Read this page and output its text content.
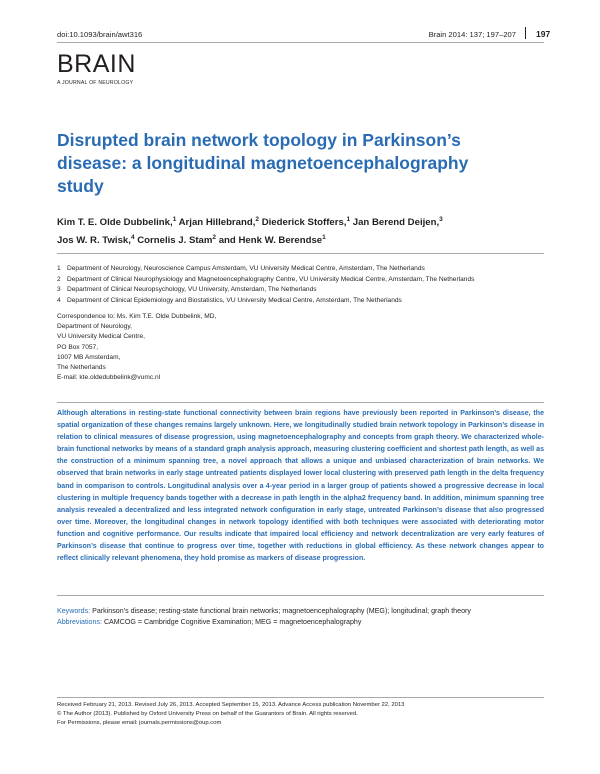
doi:10.1093/brain/awt316	Brain 2014: 137; 197–207 197
BRAIN
A JOURNAL OF NEUROLOGY
Disrupted brain network topology in Parkinson’s disease: a longitudinal magnetoencephalography study
Kim T. E. Olde Dubbelink,$^1$ Arjan Hillebrand,$^2$ Diederick Stoffers,$^1$ Jan Berend Deijen,$^3$
Jos W. R. Twisk,$^4$ Cornelis J. Stam$^2$ and Henk W. Berendse$^1$
1 Department of Neurology, Neuroscience Campus Amsterdam, VU University Medical Centre, Amsterdam, The Netherlands
2 Department of Clinical Neurophysiology and Magnetoencephalography Centre, VU University Medical Centre, Amsterdam, The Netherlands
3 Department of Clinical Neuropsychology, VU University, Amsterdam, The Netherlands
4 Department of Clinical Epidemiology and Biostatistics, VU University Medical Centre, Amsterdam, The Netherlands
Correspondence to: Ms. Kim T.E. Olde Dubbelink, MD,
Department of Neurology,
VU University Medical Centre,
PO Box 7057,
1007 MB Amsterdam,
The Netherlands
E-mail: kte.oldedubbelink@vumc.nl
Although alterations in resting-state functional connectivity between brain regions have previously been reported in Parkinson’s disease, the spatial organization of these changes remains largely unknown. Here, we longitudinally studied brain network topology in Parkinson’s disease in relation to clinical measures of disease progression, using magnetoencephalography and concepts from graph theory. We characterized whole-brain functional networks by means of a standard graph analysis approach, measuring clustering coefficient and shortest path length, as well as the construction of a minimum spanning tree, a novel approach that allows a unique and unbiased characterization of brain networks. We observed that brain networks in early stage untreated patients displayed lower local clustering with preserved path length in the delta frequency band in comparison to controls. Longitudinal analysis over a 4-year period in a larger group of patients showed a progressive decrease in local clustering in multiple frequency bands together with a decrease in path length in the alpha2 frequency band. In addition, minimum spanning tree analysis revealed a decentralized and less integrated network configuration in early stage, untreated Parkinson’s disease that also progressed over time. Moreover, the longitudinal changes in network topology identified with both techniques were associated with deteriorating motor function and cognitive performance. Our results indicate that impaired local efficiency and network decentralization are very early features of Parkinson’s disease that continue to progress over time, together with reductions in global efficiency. As these network changes appear to reflect clinically relevant phenomena, they hold promise as markers of disease progression.
Keywords: Parkinson’s disease; resting-state functional brain networks; magnetoencephalography (MEG); longitudinal; graph theory
Abbreviations: CAMCOG = Cambridge Cognitive Examination; MEG = magnetoencephalography
Received February 21, 2013. Revised July 26, 2013. Accepted September 15, 2013. Advance Access publication November 22, 2013
© The Author (2013). Published by Oxford University Press on behalf of the Guarantors of Brain. All rights reserved.
For Permissions, please email: journals.permissions@oup.com
